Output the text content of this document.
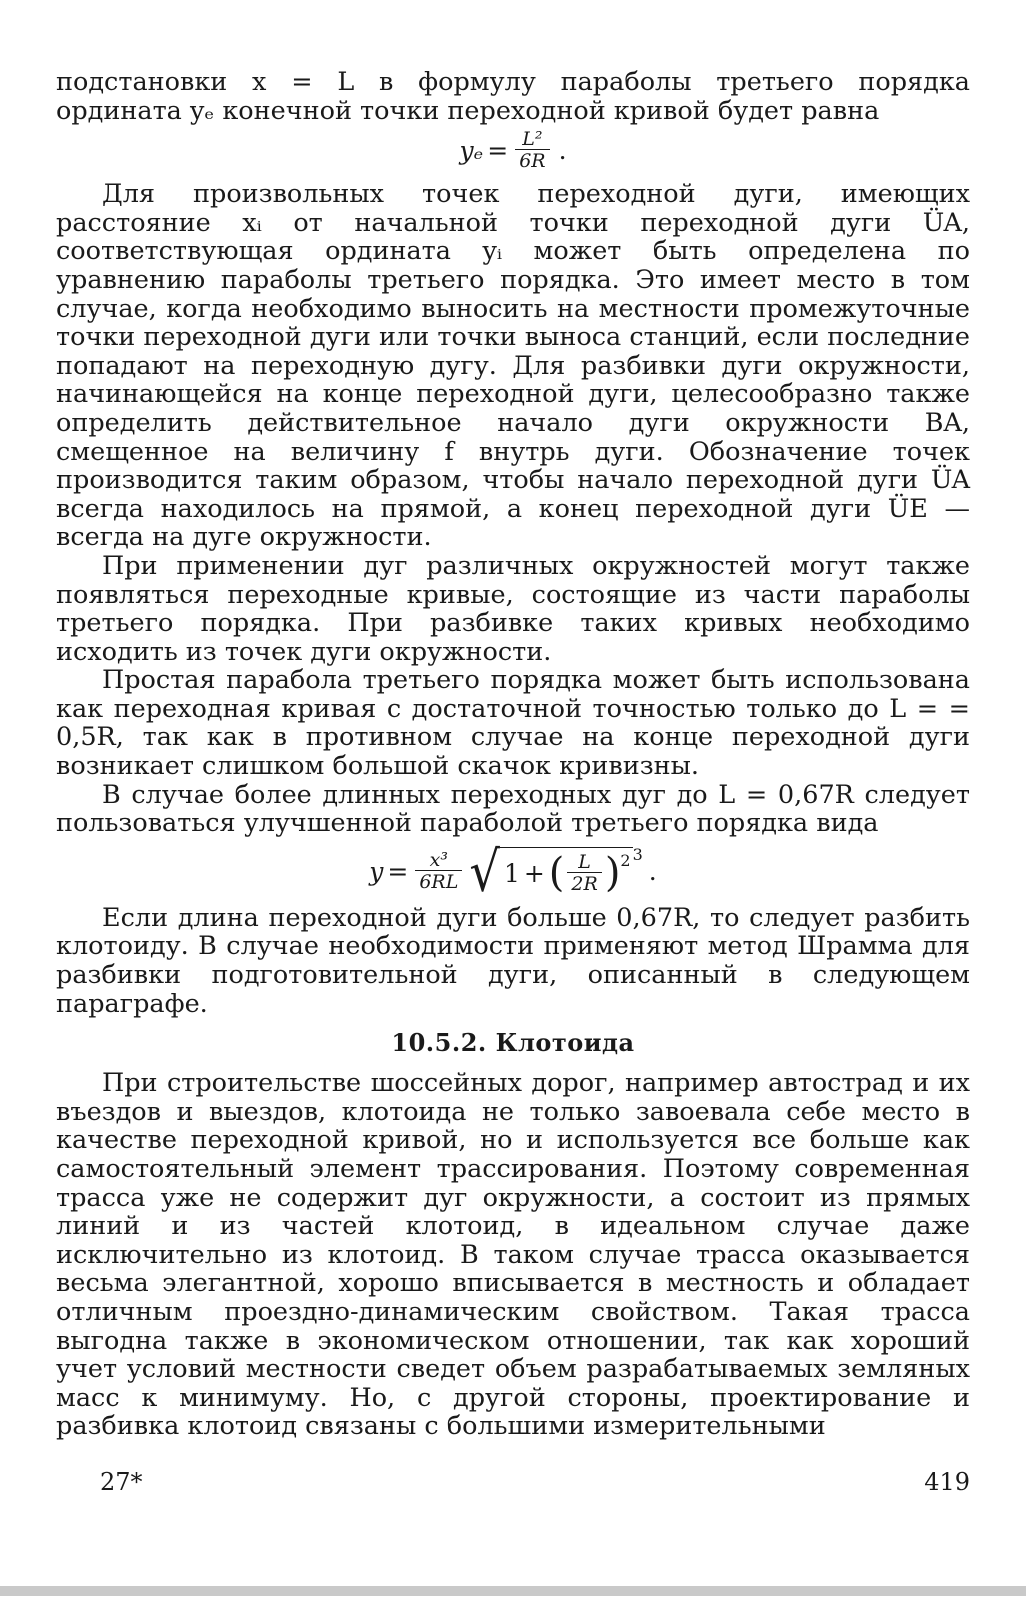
подстановки x = L в формулу параболы третьего порядка ордината yₑ конечной точки переходной кривой будет равна

$y_e = \frac{\text{L²}}{6R}$ .

Для произвольных точек переходной дуги, имеющих расстояние xᵢ от начальной точки переходной дуги ÜA, соответствующая ордината yᵢ может быть определена по уравнению параболы третьего порядка. Это имеет место в том случае, когда необходимо выносить на местности промежуточные точки переходной дуги или точки выноса станций, если последние попадают на переходную дугу. Для разбивки дуги окружности, начинающейся на конце переходной дуги, целесообразно также определить действительное начало дуги окружности BA, смещенное на величину f внутрь дуги. Обозначение точек производится таким образом, чтобы начало переходной дуги ÜA всегда находилось на прямой, а конец переходной дуги ÜE — всегда на дуге окружности.

При применении дуг различных окружностей могут также появляться переходные кривые, состоящие из части параболы третьего порядка. При разбивке таких кривых необходимо исходить из точек дуги окружности.

Простая парабола третьего порядка может быть использована как переходная кривая с достаточной точностью только до L = = 0,5R, так как в противном случае на конце переходной дуги возникает слишком большой скачок кривизны.

В случае более длинных переходных дуг до L = 0,67R следует пользоваться улучшенной параболой третьего порядка вида

$y = \frac{\text{x³}}{6RL}$ √ 1 + ( $\frac{L}{2R}$ ) 2 3
.

Если длина переходной дуги больше 0,67R, то следует разбить клотоиду. В случае необходимости применяют метод Шрамма для разбивки подготовительной дуги, описанный в следующем параграфе.

10.5.2. Клотоида

При строительстве шоссейных дорог, например автострад и их въездов и выездов, клотоида не только завоевала себе место в качестве переходной кривой, но и используется все больше как самостоятельный элемент трассирования. Поэтому современная трасса уже не содержит дуг окружности, а состоит из прямых линий и из частей клотоид, в идеальном случае даже исключительно из клотоид. В таком случае трасса оказывается весьма элегантной, хорошо вписывается в местность и обладает отличным проездно-динамическим свойством. Такая трасса выгодна также в экономическом отношении, так как хороший учет условий местности сведет объем разрабатываемых земляных масс к минимуму. Но, с другой стороны, проектирование и разбивка клотоид связаны с большими измерительными

27*	419
